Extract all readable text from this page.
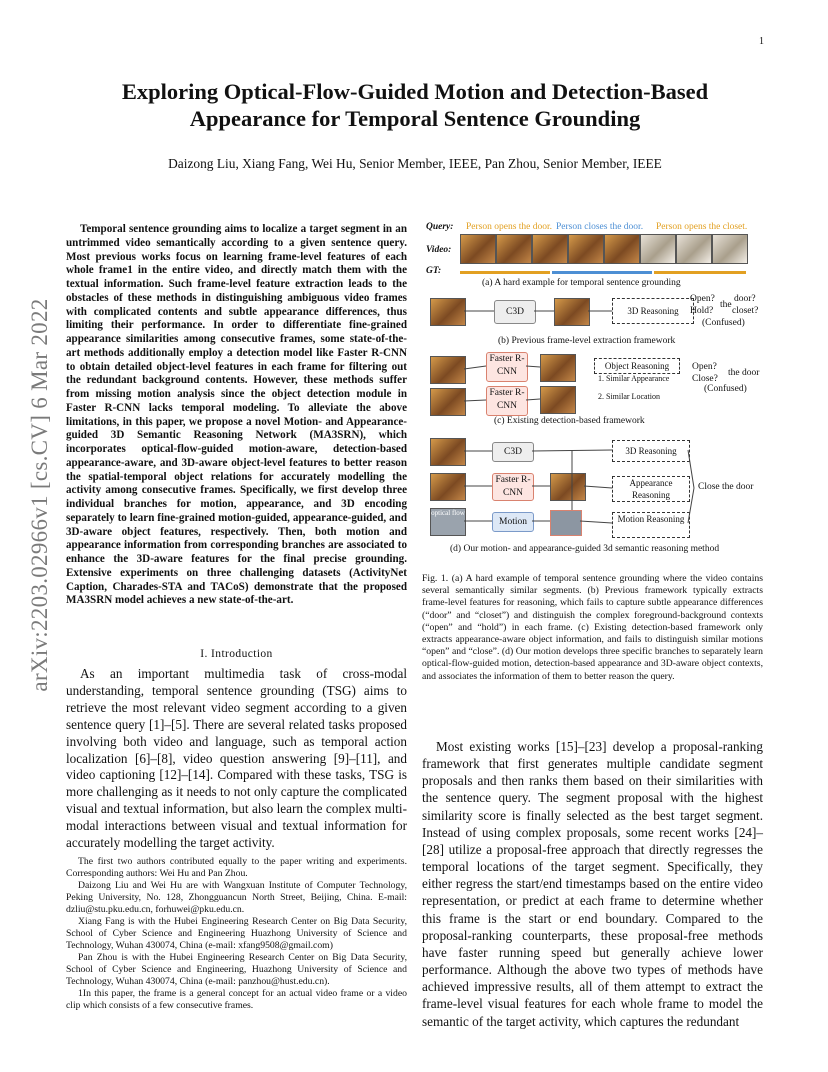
1
arXiv:2203.02966v1 [cs.CV] 6 Mar 2022
Exploring Optical-Flow-Guided Motion and Detection-Based Appearance for Temporal Sentence Grounding
Daizong Liu, Xiang Fang, Wei Hu, Senior Member, IEEE, Pan Zhou, Senior Member, IEEE
Temporal sentence grounding aims to localize a target segment in an untrimmed video semantically according to a given sentence query. Most previous works focus on learning frame-level features of each whole frame1 in the entire video, and directly match them with the textual information. Such frame-level feature extraction leads to the obstacles of these methods in distinguishing ambiguous video frames with complicated contents and subtle appearance differences, thus limiting their performance. In order to differentiate fine-grained appearance similarities among consecutive frames, some state-of-the-art methods additionally employ a detection model like Faster R-CNN to obtain detailed object-level features in each frame for filtering out the redundant background contents. However, these methods suffer from missing motion analysis since the object detection module in Faster R-CNN lacks temporal modeling. To alleviate the above limitations, in this paper, we propose a novel Motion- and Appearance-guided 3D Semantic Reasoning Network (MA3SRN), which incorporates optical-flow-guided motion-aware, detection-based appearance-aware, and 3D-aware object-level features to better reason the spatial-temporal object relations for accurately modelling the activity among consecutive frames. Specifically, we first develop three individual branches for motion, appearance, and 3D encoding separately to learn fine-grained motion-guided, appearance-guided, and 3D-aware object features, respectively. Then, both motion and appearance information from corresponding branches are associated to enhance the 3D-aware features for the final precise grounding. Extensive experiments on three challenging datasets (ActivityNet Caption, Charades-STA and TACoS) demonstrate that the proposed MA3SRN model achieves a new state-of-the-art.
I. Introduction
As an important multimedia task of cross-modal understanding, temporal sentence grounding (TSG) aims to retrieve the most relevant video segment according to a given sentence query [1]–[5]. There are several related tasks proposed involving both video and language, such as temporal action localization [6]–[8], video question answering [9]–[11], and video captioning [12]–[14]. Compared with these tasks, TSG is more challenging as it needs to not only capture the complicated visual and textual information, but also learn the complex multi-modal interactions between visual and textual information for accurately modelling the target activity.
The first two authors contributed equally to the paper writing and experiments. Corresponding authors: Wei Hu and Pan Zhou.
Daizong Liu and Wei Hu are with Wangxuan Institute of Computer Technology, Peking University, No. 128, Zhongguancun North Street, Beijing, China. E-mail: dzliu@stu.pku.edu.cn, forhuwei@pku.edu.cn.
Xiang Fang is with the Hubei Engineering Research Center on Big Data Security, School of Cyber Science and Engineering Huazhong University of Science and Technology, Wuhan 430074, China (e-mail: xfang9508@gmail.com)
Pan Zhou is with the Hubei Engineering Research Center on Big Data Security, School of Cyber Science and Engineering, Huazhong University of Science and Technology, Wuhan 430074, China (e-mail: panzhou@hust.edu.cn).
1In this paper, the frame is a general concept for an actual video frame or a video clip which consists of a few consecutive frames.
Query: Person opens the door. Person closes the door. Person opens the closet.
Video:
GT:
(a) A hard example for temporal sentence grounding
C3D	3D Reasoning
Open?
Hold?
the
door?
closet?
(Confused)
(b) Previous frame-level extraction framework
Faster R-CNN
Faster R-CNN
Object Reasoning
1. Similar Appearance
2. Similar Location
Open?
Close?
the door
(Confused)
(c) Existing detection-based framework
C3D	3D Reasoning
Faster R-CNN
Appearance Reasoning
Close the door
optical flow
Motion	Motion Reasoning
(d) Our motion- and appearance-guided 3d semantic reasoning method
Fig. 1. (a) A hard example of temporal sentence grounding where the video contains several semantically similar segments. (b) Previous framework typically extracts frame-level features for reasoning, which fails to capture subtle appearance differences (“door” and “closet”) and distinguish the complex foreground-background contexts (“open” and “hold”) in each frame. (c) Existing detection-based framework only extracts appearance-aware object information, and fails to distinguish similar motions “open” and “close”. (d) Our motion develops three specific branches to separately learn optical-flow-guided motion, detection-based appearance and 3D-aware object contexts, and associates the information of them to better reason the query.
Most existing works [15]–[23] develop a proposal-ranking framework that first generates multiple candidate segment proposals and then ranks them based on their similarities with the sentence query. The segment proposal with the highest similarity score is finally selected as the best target segment. Instead of using complex proposals, some recent works [24]–[28] utilize a proposal-free approach that directly regresses the temporal locations of the target segment. Specifically, they either regress the start/end timestamps based on the entire video representation, or predict at each frame to determine whether this frame is the start or end boundary. Compared to the proposal-ranking counterparts, these proposal-free methods have faster running speed but generally achieve lower performance. Although the above two types of methods have achieved impressive results, all of them attempt to extract the frame-level visual features for each whole frame to model the semantic of the target activity, which captures the redundant
